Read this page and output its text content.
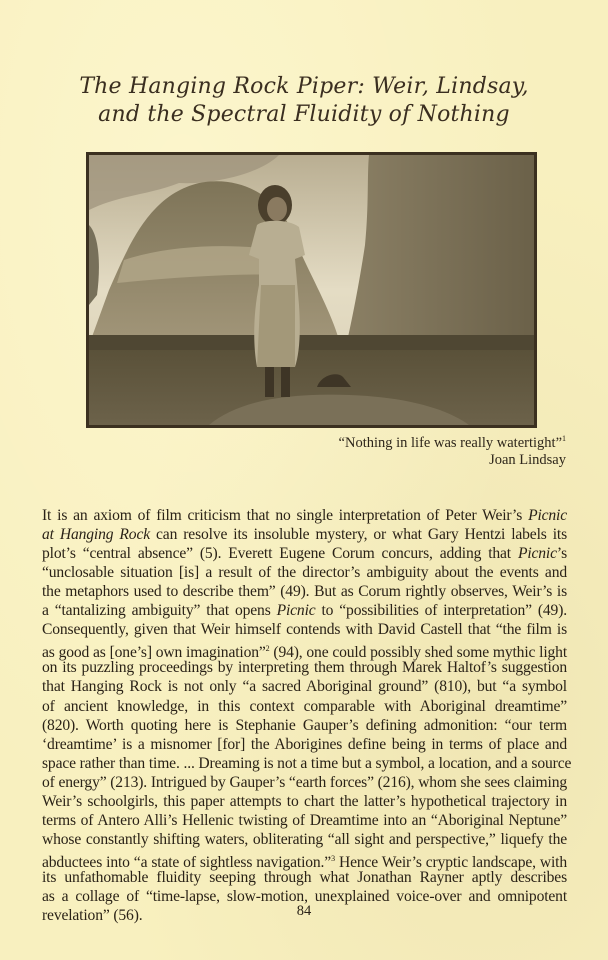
The Hanging Rock Piper: Weir, Lindsay,
and the Spectral Fluidity of Nothing
“Nothing in life was really watertight”$^1$
Joan Lindsay
It is an axiom of film criticism that no single interpretation of Peter Weir’s Picnic
at Hanging Rock can resolve its insoluble mystery, or what Gary Hentzi labels its
plot’s “central absence” (5). Everett Eugene Corum concurs, adding that Picnic’s
“unclosable situation [is] a result of the director’s ambiguity about the events and
the metaphors used to describe them” (49). But as Corum rightly observes, Weir’s is
a “tantalizing ambiguity” that opens Picnic to “possibilities of interpretation” (49).
Consequently, given that Weir himself contends with David Castell that “the film is
as good as [one’s] own imagination”$^2$ (94), one could possibly shed some mythic light
on its puzzling proceedings by interpreting them through Marek Haltof’s suggestion
that Hanging Rock is not only “a sacred Aboriginal ground” (810), but “a symbol
of ancient knowledge, in this context comparable with Aboriginal dreamtime”
(820). Worth quoting here is Stephanie Gauper’s defining admonition: “our term
‘dreamtime’ is a misnomer [for] the Aborigines define being in terms of place and
space rather than time. ... Dreaming is not a time but a symbol, a location, and a source
of energy” (213). Intrigued by Gauper’s “earth forces” (216), whom she sees claiming
Weir’s schoolgirls, this paper attempts to chart the latter’s hypothetical trajectory in
terms of Antero Alli’s Hellenic twisting of Dreamtime into an “Aboriginal Neptune”
whose constantly shifting waters, obliterating “all sight and perspective,” liquefy the
abductees into “a state of sightless navigation.”$^3$ Hence Weir’s cryptic landscape, with
its unfathomable fluidity seeping through what Jonathan Rayner aptly describes
as a collage of “time-lapse, slow-motion, unexplained voice-over and omnipotent
revelation” (56).	84
